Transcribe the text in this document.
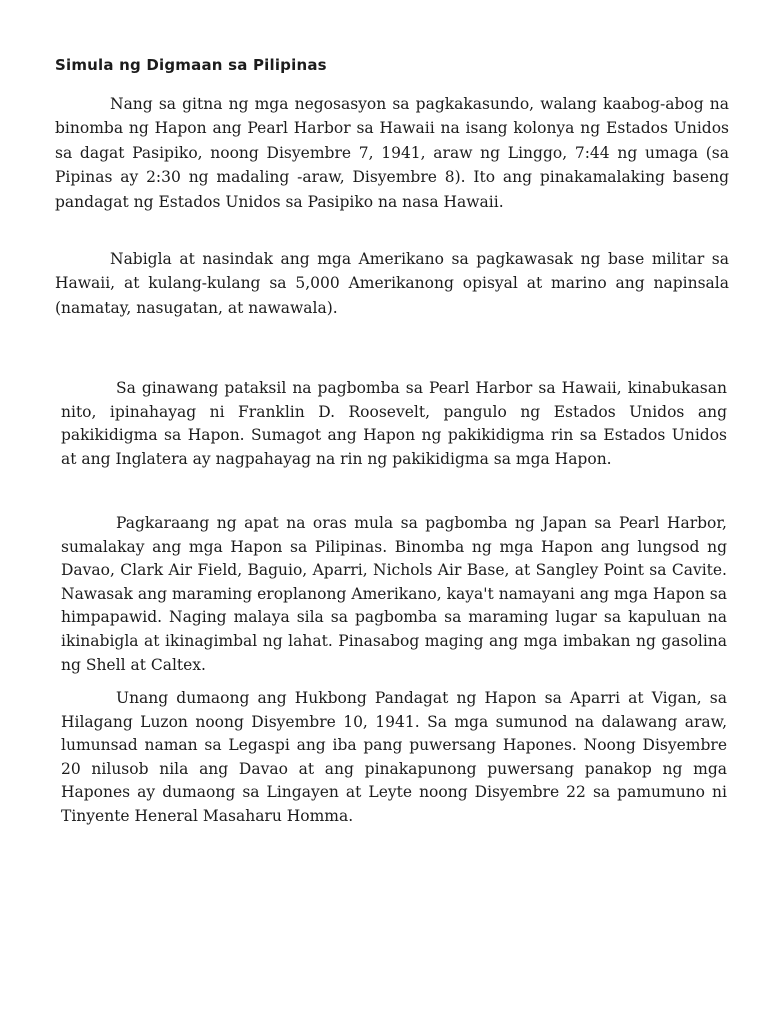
Simula ng Digmaan sa Pilipinas

Nang sa gitna ng mga negosasyon sa pagkakasundo, walang kaabog-abog na binomba ng Hapon ang Pearl Harbor sa Hawaii na isang kolonya ng Estados Unidos sa dagat Pasipiko, noong Disyembre 7, 1941, araw ng Linggo, 7:44 ng umaga (sa Pipinas ay 2:30 ng madaling -araw, Disyembre 8). Ito ang pinakamalaking baseng pandagat ng Estados Unidos sa Pasipiko na nasa Hawaii.

Nabigla at nasindak ang mga Amerikano sa pagkawasak ng base militar sa Hawaii, at kulang-kulang sa 5,000 Amerikanong opisyal at marino ang napinsala (namatay, nasugatan, at nawawala).

Sa ginawang pataksil na pagbomba sa Pearl Harbor sa Hawaii, kinabukasan nito, ipinahayag ni Franklin D. Roosevelt, pangulo ng Estados Unidos ang pakikidigma sa Hapon. Sumagot ang Hapon ng pakikidigma rin sa Estados Unidos at ang Inglatera ay nagpahayag na rin ng pakikidigma sa mga Hapon.

Pagkaraang ng apat na oras mula sa pagbomba ng Japan sa Pearl Harbor, sumalakay ang mga Hapon sa Pilipinas. Binomba ng mga Hapon ang lungsod ng Davao, Clark Air Field, Baguio, Aparri, Nichols Air Base, at Sangley Point sa Cavite. Nawasak ang maraming eroplanong Amerikano, kaya't namayani ang mga Hapon sa himpapawid. Naging malaya sila sa pagbomba sa maraming lugar sa kapuluan na ikinabigla at ikinagimbal ng lahat. Pinasabog maging ang mga imbakan ng gasolina ng Shell at Caltex.

Unang dumaong ang Hukbong Pandagat ng Hapon sa Aparri at Vigan, sa Hilagang Luzon noong Disyembre 10, 1941. Sa mga sumunod na dalawang araw, lumunsad naman sa Legaspi ang iba pang puwersang Hapones. Noong Disyembre 20 nilusob nila ang Davao at ang pinakapunong puwersang panakop ng mga Hapones ay dumaong sa Lingayen at Leyte noong Disyembre 22 sa pamumuno ni Tinyente Heneral Masaharu Homma.
